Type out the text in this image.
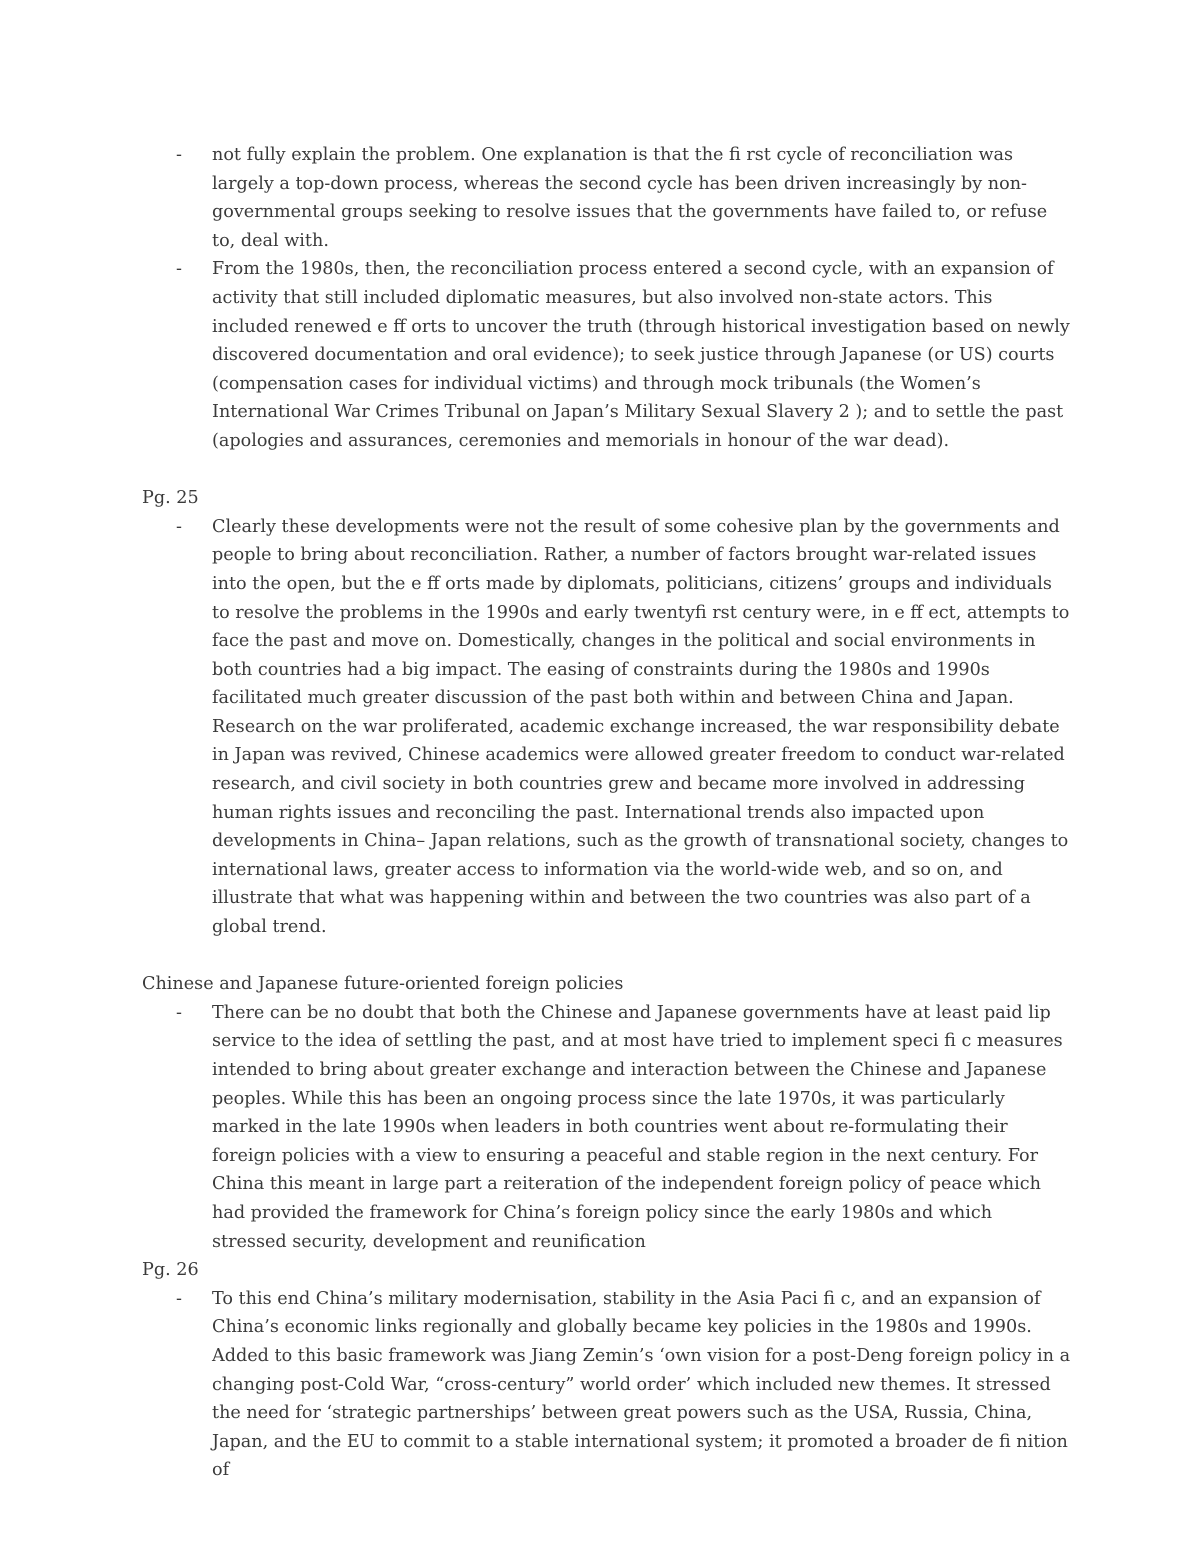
- not fully explain the problem. One explanation is that the fi rst cycle of reconciliation was largely a top-down process, whereas the second cycle has been driven increasingly by non-governmental groups seeking to resolve issues that the governments have failed to, or refuse to, deal with.
- From the 1980s, then, the reconciliation process entered a second cycle, with an expansion of activity that still included diplomatic measures, but also involved non-state actors. This included renewed e ff orts to uncover the truth (through historical investigation based on newly discovered documentation and oral evidence); to seek justice through Japanese (or US) courts (compensation cases for individual victims) and through mock tribunals (the Women’s International War Crimes Tribunal on Japan’s Military Sexual Slavery 2 ); and to settle the past (apologies and assurances, ceremonies and memorials in honour of the war dead).

Pg. 25

- Clearly these developments were not the result of some cohesive plan by the governments and people to bring about reconciliation. Rather, a number of factors brought war-related issues into the open, but the e ff orts made by diplomats, politicians, citizens’ groups and individuals to resolve the problems in the 1990s and early twentyfi rst century were, in e ff ect, attempts to face the past and move on. Domestically, changes in the political and social environments in both countries had a big impact. The easing of constraints during the 1980s and 1990s facilitated much greater discussion of the past both within and between China and Japan. Research on the war proliferated, academic exchange increased, the war responsibility debate in Japan was revived, Chinese academics were allowed greater freedom to conduct war-related research, and civil society in both countries grew and became more involved in addressing human rights issues and reconciling the past. International trends also impacted upon developments in China– Japan relations, such as the growth of transnational society, changes to international laws, greater access to information via the world-wide web, and so on, and illustrate that what was happening within and between the two countries was also part of a global trend.

Chinese and Japanese future-oriented foreign policies

- There can be no doubt that both the Chinese and Japanese governments have at least paid lip service to the idea of settling the past, and at most have tried to implement speci fi c measures intended to bring about greater exchange and interaction between the Chinese and Japanese peoples. While this has been an ongoing process since the late 1970s, it was particularly marked in the late 1990s when leaders in both countries went about re-formulating their foreign policies with a view to ensuring a peaceful and stable region in the next century. For China this meant in large part a reiteration of the independent foreign policy of peace which had provided the framework for China’s foreign policy since the early 1980s and which stressed security, development and reunification

Pg. 26

- To this end China’s military modernisation, stability in the Asia Paci fi c, and an expansion of China’s economic links regionally and globally became key policies in the 1980s and 1990s. Added to this basic framework was Jiang Zemin’s ‘own vision for a post-Deng foreign policy in a changing post-Cold War, “cross-century” world order’ which included new themes. It stressed the need for ‘strategic partnerships’ between great powers such as the USA, Russia, China, Japan, and the EU to commit to a stable international system; it promoted a broader de fi nition of
